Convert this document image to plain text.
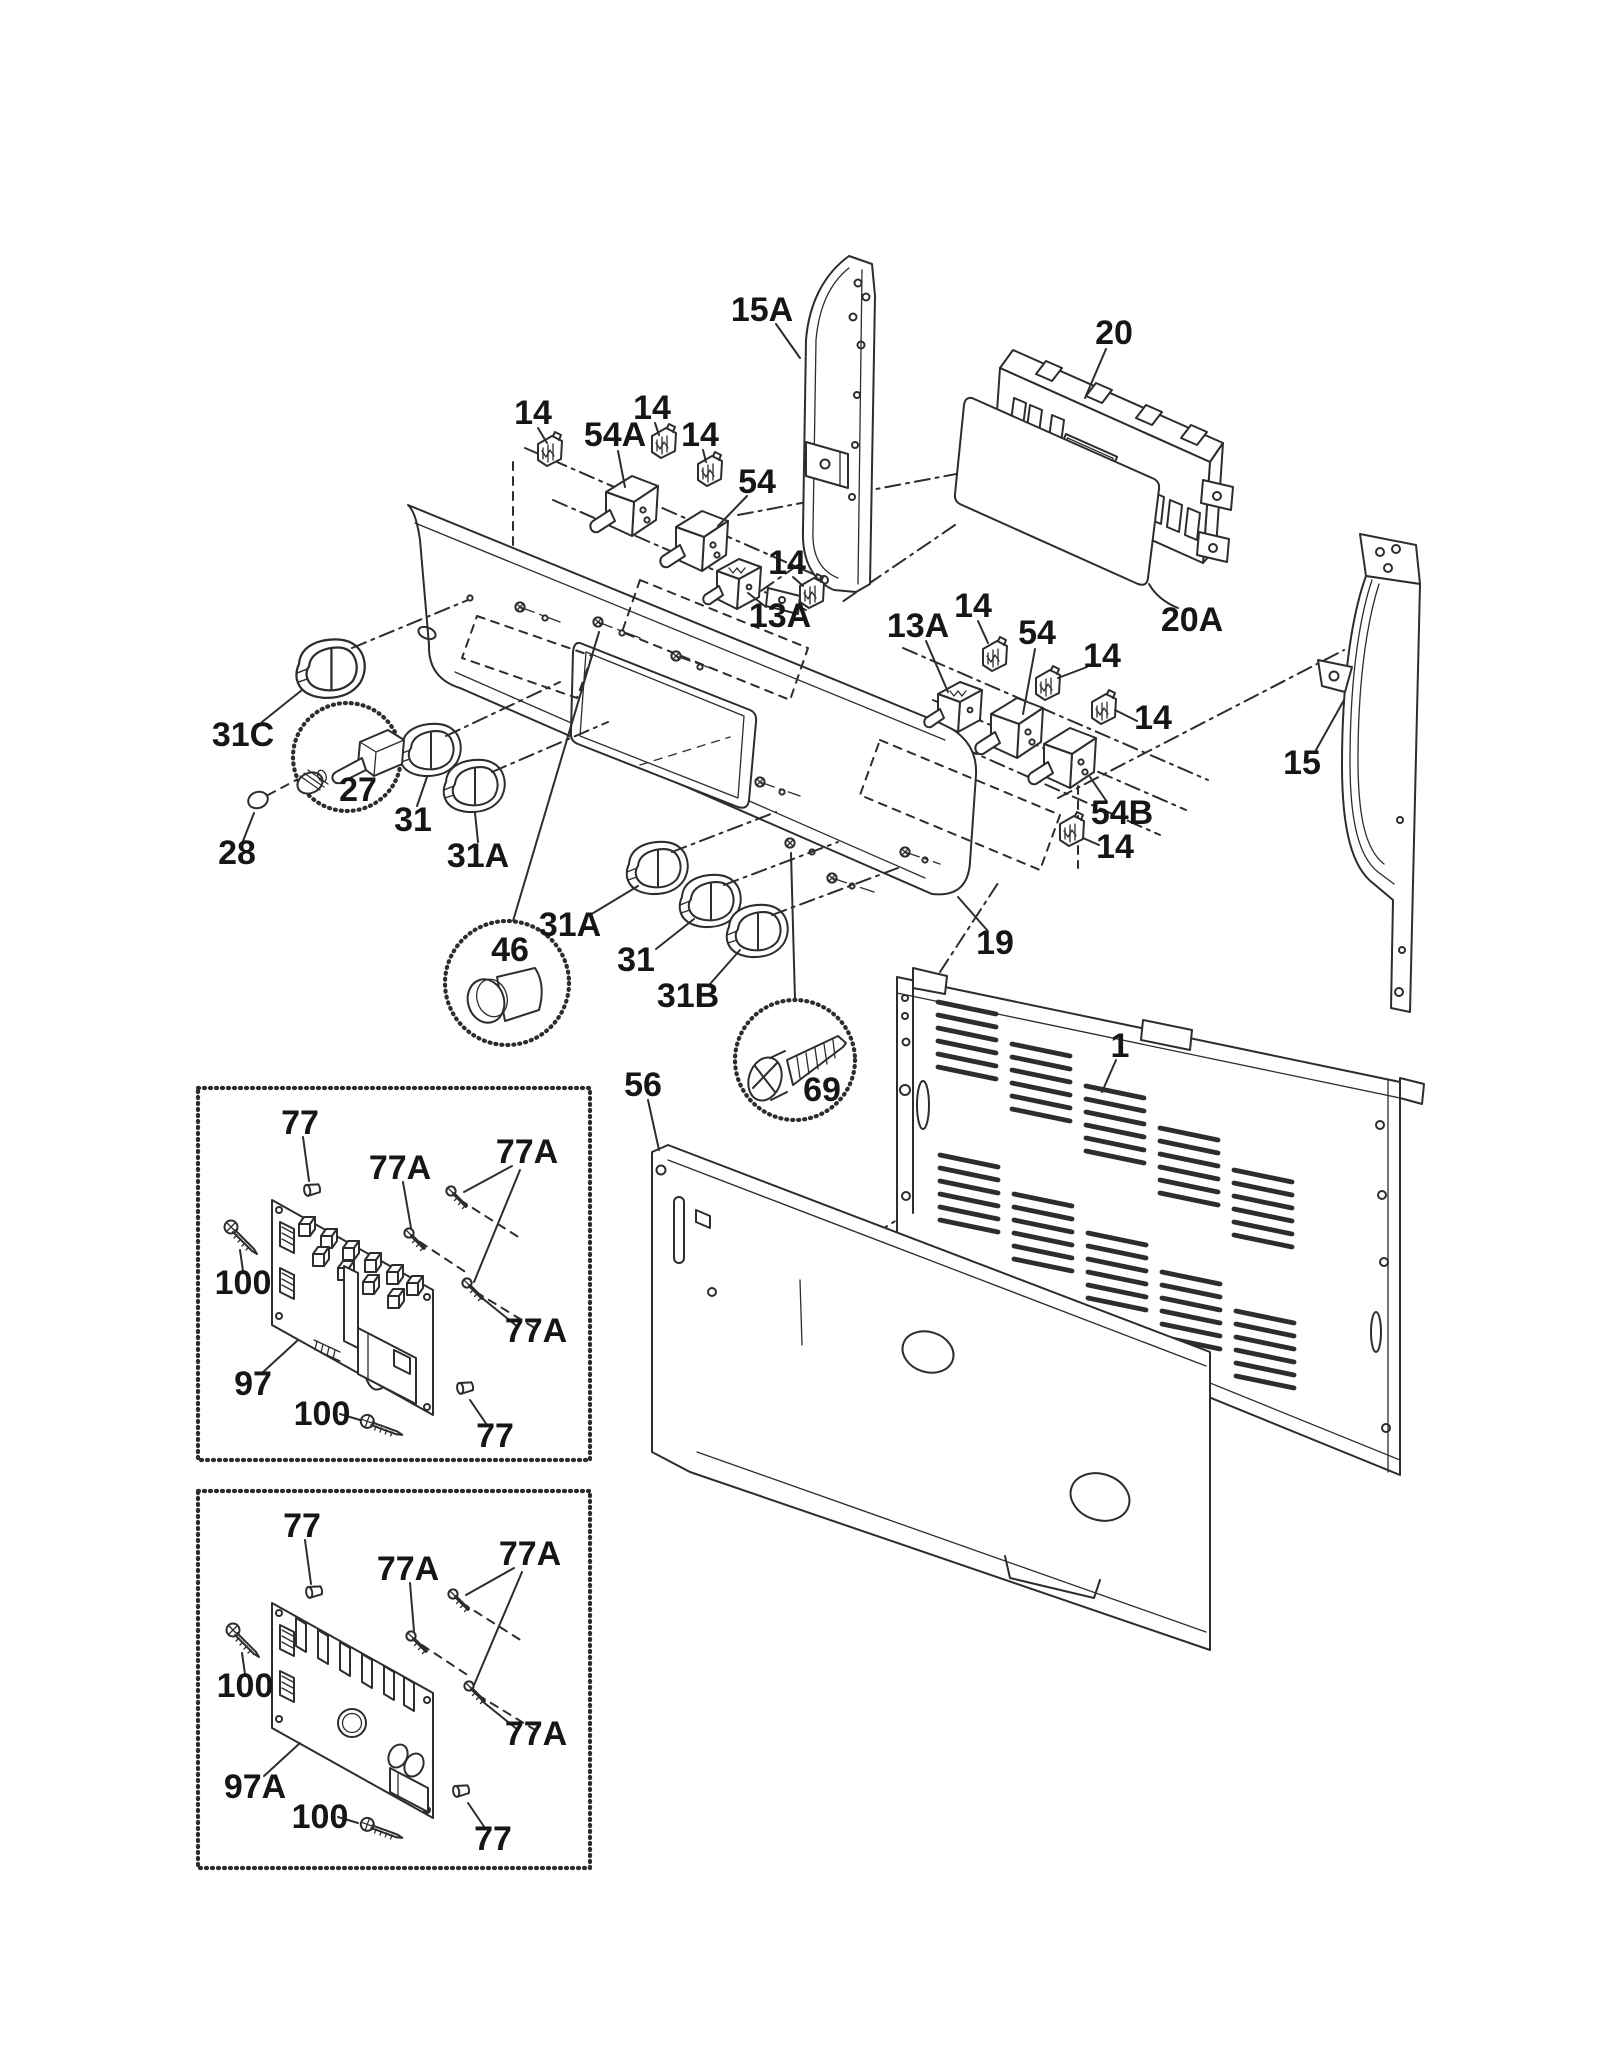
15A
20
20A
15
14
54A
14
14
54
14
13A 13A
14
54
14
14
54B
14
31C
27
28
31
31A
46
31A
31
31B
69
19
1
56
77
77A 77A
100
77A
97
100
77
77
77A 77A
100
77A
97A
100
77
